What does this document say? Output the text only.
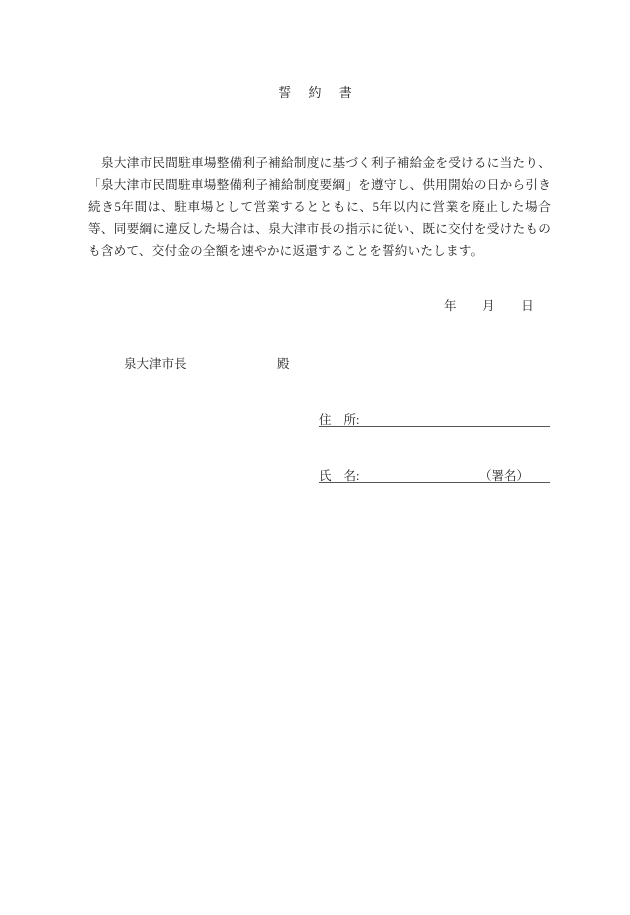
誓 約 書
泉大津市民間駐車場整備利子補給制度に基づく利子補給金を受けるに当たり、「泉大津市民間駐車場整備利子補給制度要綱」を遵守し、供用開始の日から引き続き5年間は、駐車場として営業するとともに、5年以内に営業を廃止した場合等、同要綱に違反した場合は、泉大津市長の指示に従い、既に交付を受けたものも含めて、交付金の全額を速やかに返還することを誓約いたします。
年 月 日
泉大津市長	殿
住 所:
氏 名:	（署名）
